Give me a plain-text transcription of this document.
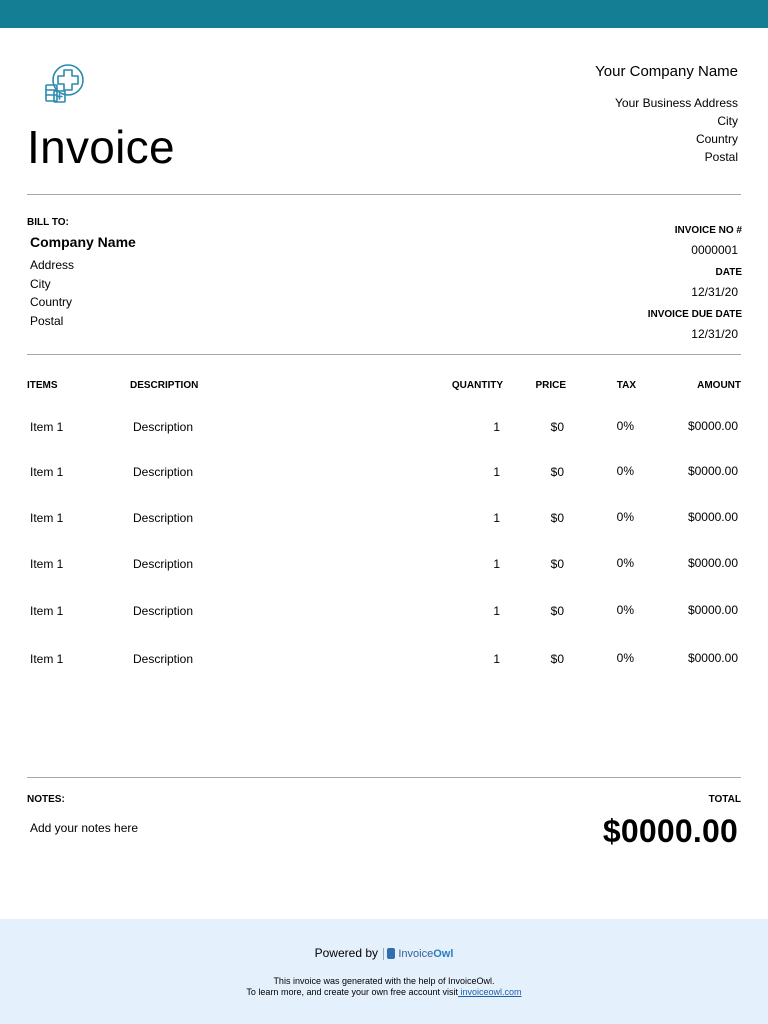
Invoice
Your Company Name
Your Business Address
City
Country
Postal
BILL TO:
Company Name
Address
City
Country
Postal
INVOICE NO #
0000001
DATE
12/31/20
INVOICE DUE DATE
12/31/20
ITEMS	DESCRIPTION	QUANTITY	PRICE	TAX	AMOUNT
Item 1	Description	1	$0	0%	$0000.00
Item 1	Description	1	$0	0%	$0000.00
Item 1	Description	1	$0	0%	$0000.00
Item 1	Description	1	$0	0%	$0000.00
Item 1	Description	1	$0	0%	$0000.00
Item 1	Description	1	$0	0%	$0000.00
NOTES:
Add your notes here
TOTAL
$0000.00
Powered by InvoiceOwl
This invoice was generated with the help of InvoiceOwl.
To learn more, and create your own free account visit invoiceowl.com
